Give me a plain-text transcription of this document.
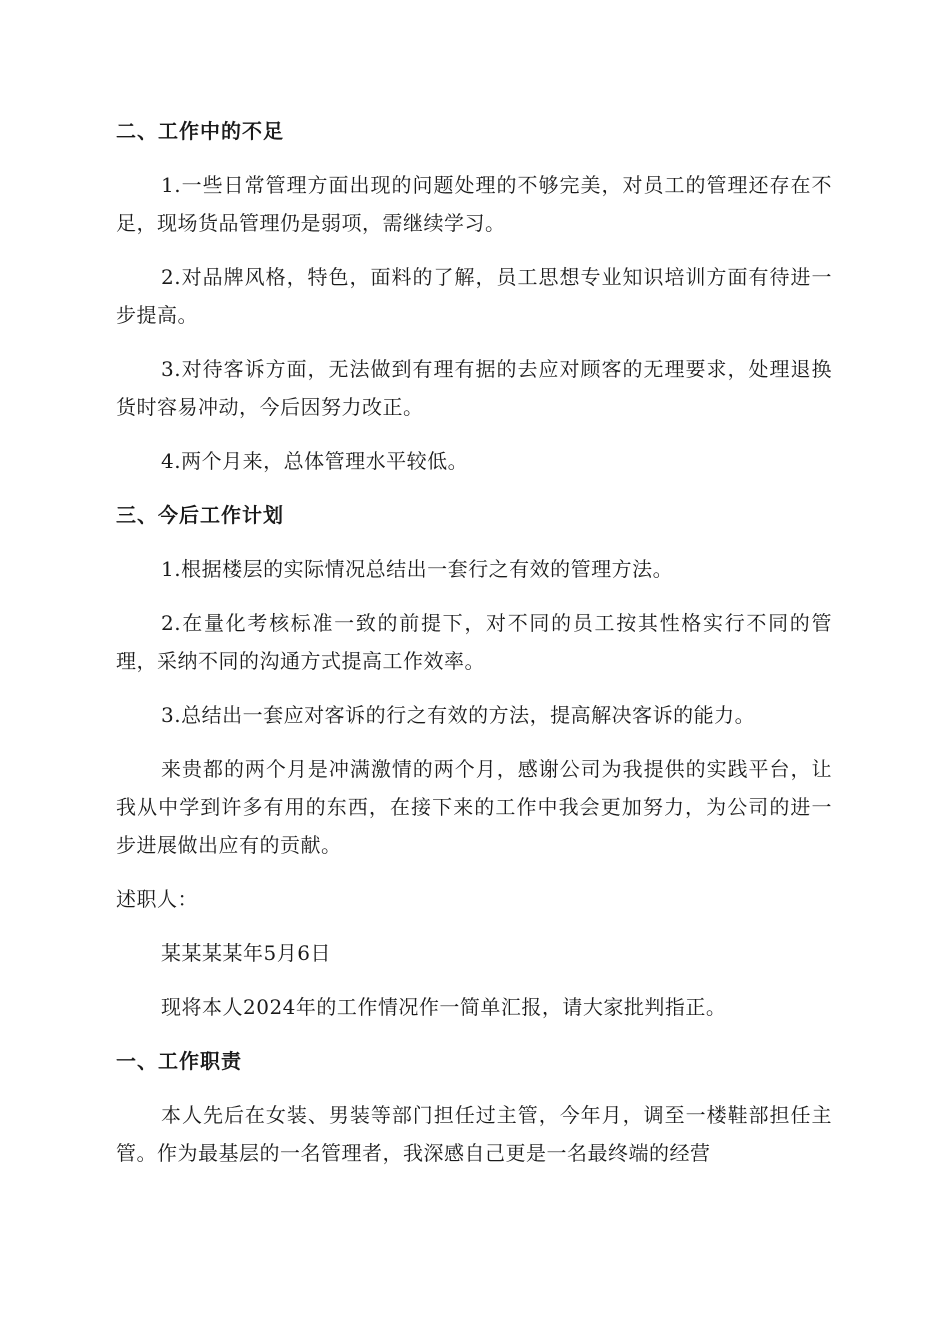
二、工作中的不足

1.一些日常管理方面出现的问题处理的不够完美，对员工的管理还存在不足，现场货品管理仍是弱项，需继续学习。

2.对品牌风格，特色，面料的了解，员工思想专业知识培训方面有待进一步提高。

3.对待客诉方面，无法做到有理有据的去应对顾客的无理要求，处理退换货时容易冲动，今后因努力改正。

4.两个月来，总体管理水平较低。

三、今后工作计划

1.根据楼层的实际情况总结出一套行之有效的管理方法。

2.在量化考核标准一致的前提下，对不同的员工按其性格实行不同的管理，采纳不同的沟通方式提高工作效率。

3.总结出一套应对客诉的行之有效的方法，提高解决客诉的能力。

来贵都的两个月是冲满激情的两个月，感谢公司为我提供的实践平台，让我从中学到许多有用的东西，在接下来的工作中我会更加努力，为公司的进一步进展做出应有的贡献。

述职人：

某某某某年5月6日

现将本人2024年的工作情况作一简单汇报，请大家批判指正。

一、工作职责

本人先后在女装、男装等部门担任过主管，今年月，调至一楼鞋部担任主管。作为最基层的一名管理者，我深感自己更是一名最终端的经营
